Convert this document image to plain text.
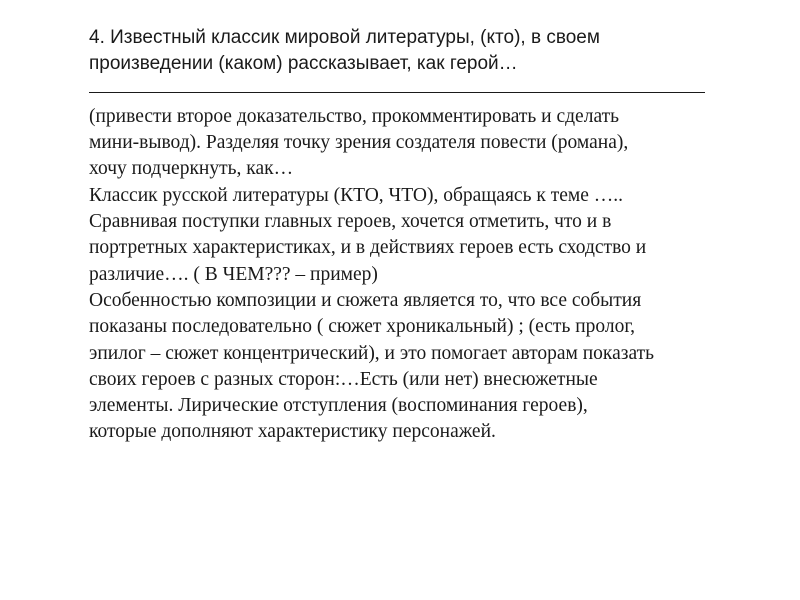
4. Известный классик мировой литературы, (кто), в своем
произведении (каком) рассказывает, как герой…
(привести второе доказательство, прокомментировать и сделать
мини-вывод). Разделяя точку зрения создателя повести (романа),
хочу подчеркнуть, как…
Классик русской литературы (КТО, ЧТО), обращаясь к теме …..
Сравнивая поступки главных героев, хочется отметить, что и в
портретных характеристиках, и в действиях героев есть сходство и
различие…. ( В ЧЕМ??? – пример)
Особенностью композиции и сюжета является то, что все события
показаны последовательно ( сюжет хроникальный) ; (есть пролог,
эпилог – сюжет концентрический), и это помогает авторам показать
своих героев с разных сторон:…Есть (или нет) внесюжетные
элементы. Лирические отступления (воспоминания героев),
которые дополняют характеристику персонажей.
